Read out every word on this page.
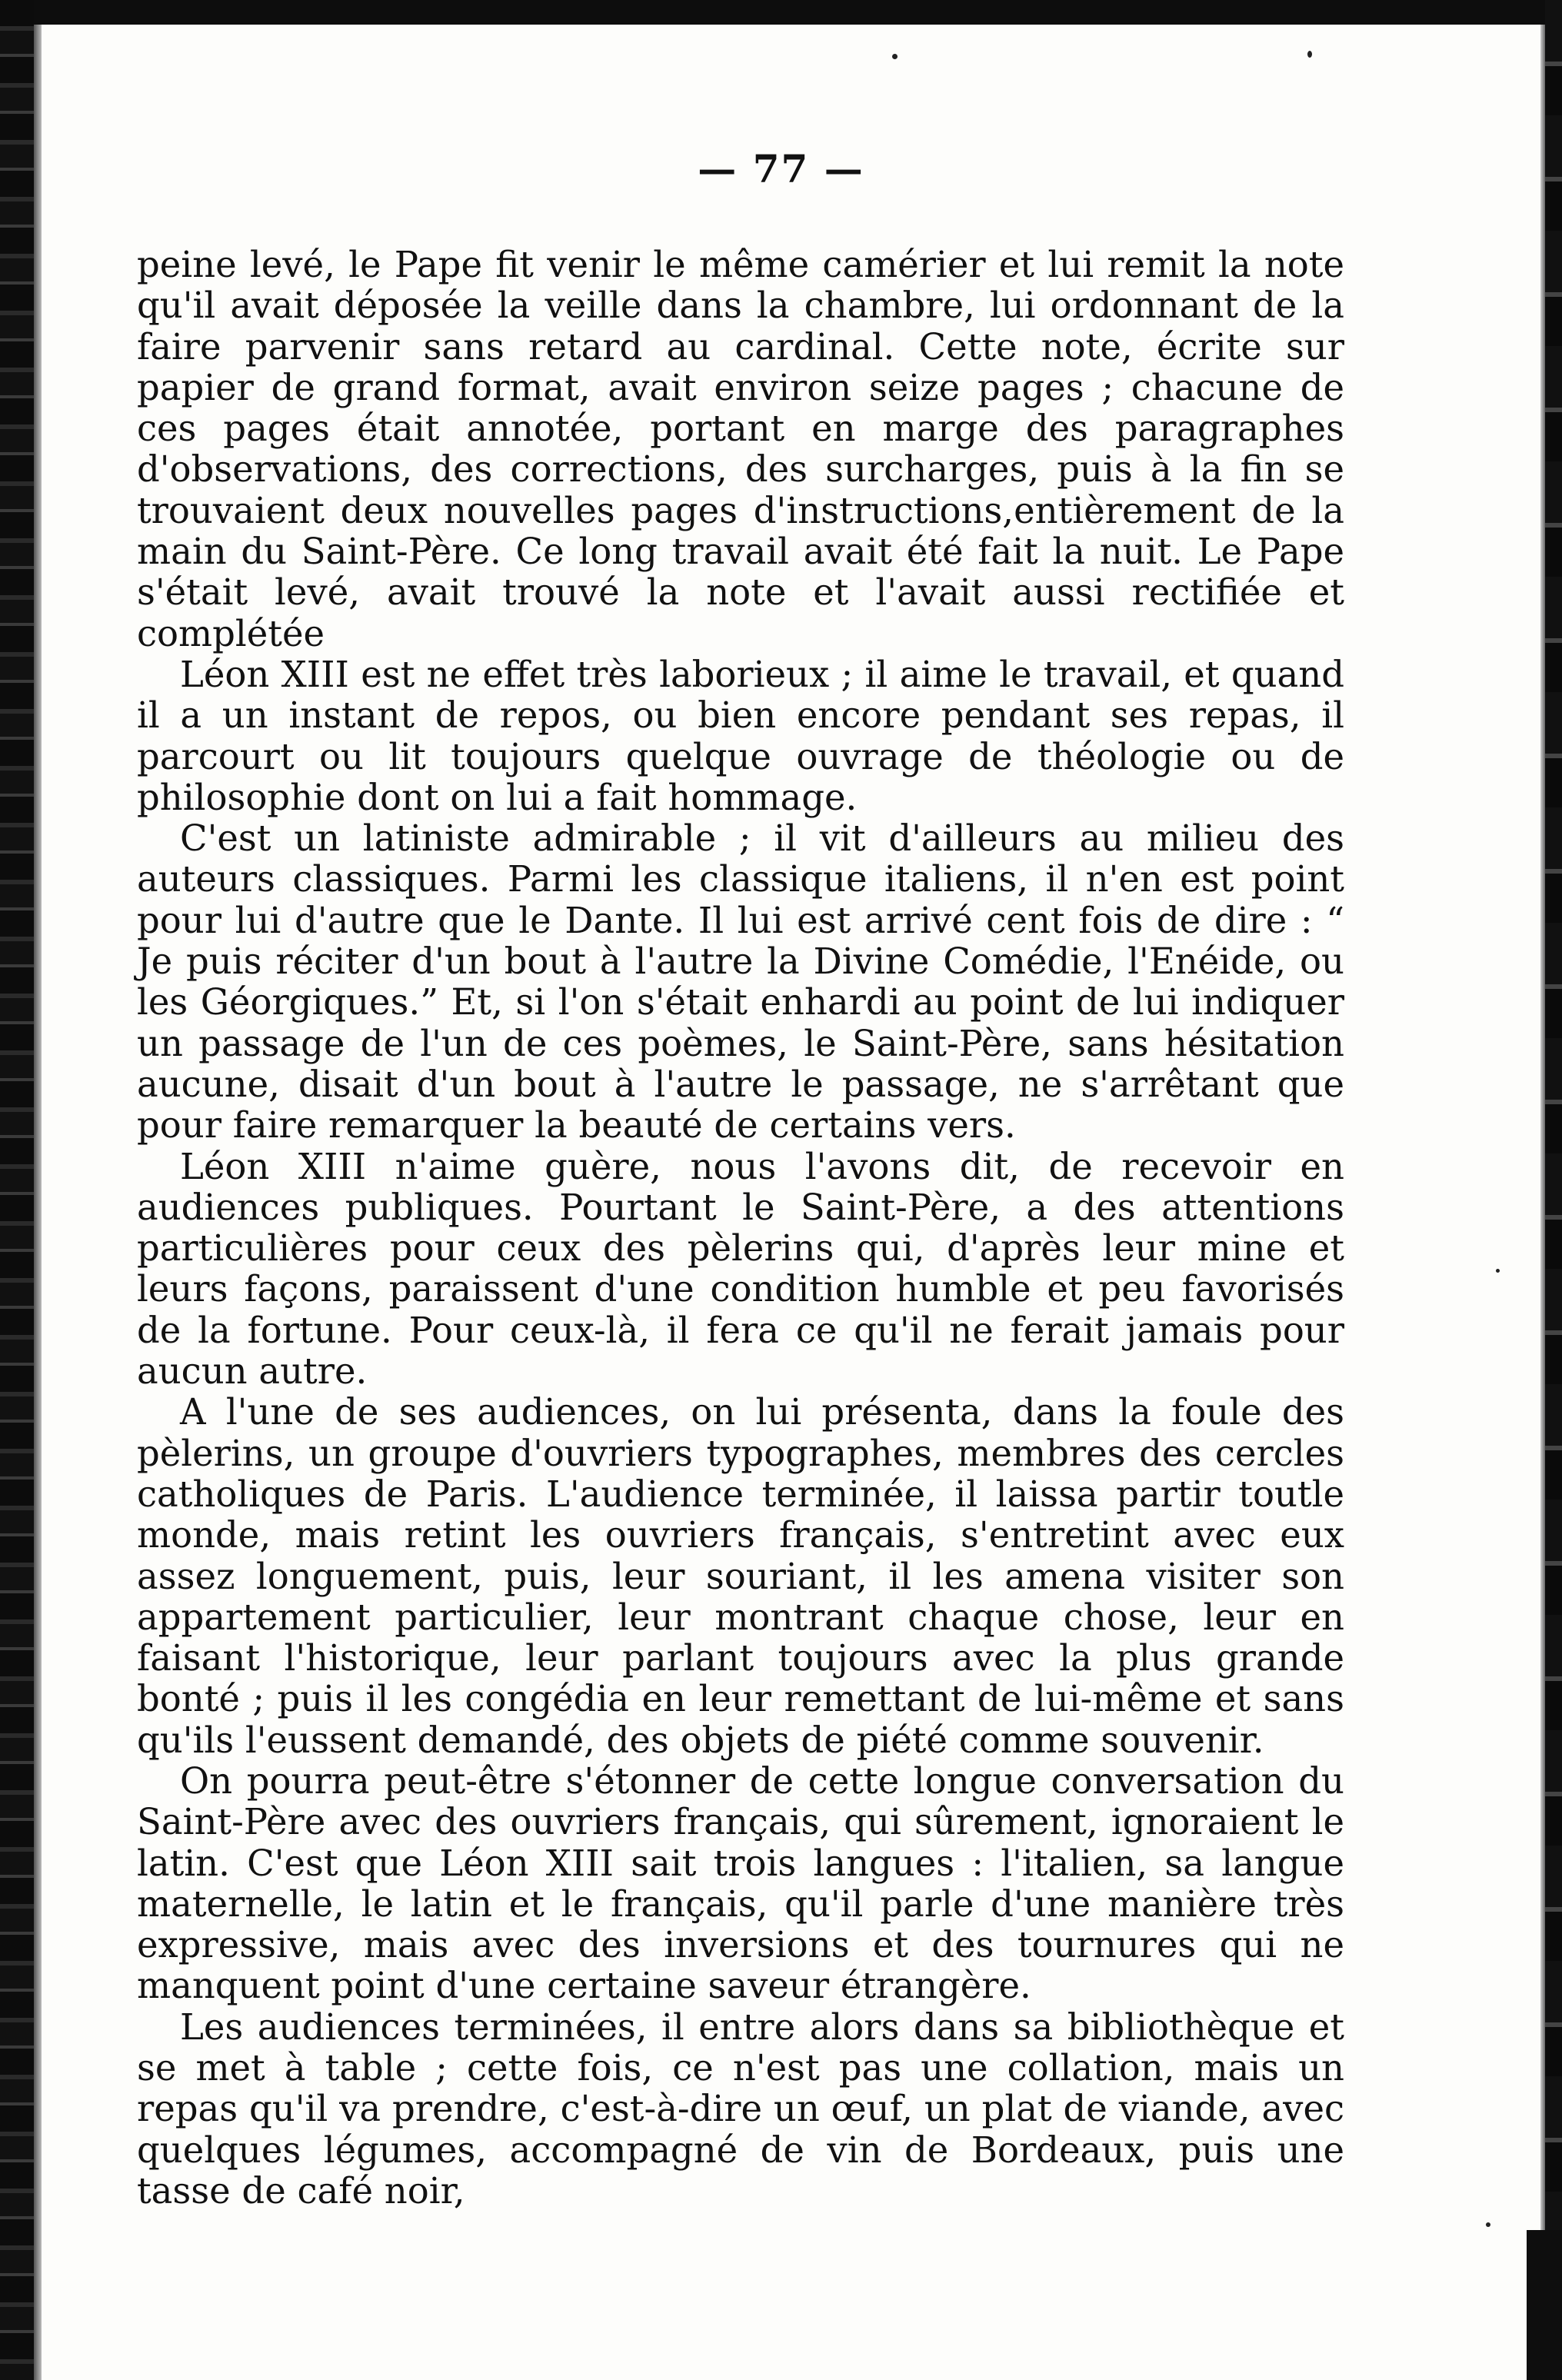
— 77 —

peine levé, le Pape fit venir le même camérier et lui remit la note qu'il avait déposée la veille dans la chambre, lui ordonnant de la faire parvenir sans retard au cardinal. Cette note, écrite sur papier de grand format, avait environ seize pages ; chacune de ces pages était annotée, portant en marge des paragraphes d'observations, des corrections, des surcharges, puis à la fin se trouvaient deux nouvelles pages d'instructions,entièrement de la main du Saint-Père. Ce long travail avait été fait la nuit. Le Pape s'était levé, avait trouvé la note et l'avait aussi rectifiée et complétée

Léon XIII est ne effet très laborieux ; il aime le travail, et quand il a un instant de repos, ou bien encore pendant ses repas, il parcourt ou lit toujours quelque ouvrage de théologie ou de philosophie dont on lui a fait hommage.

C'est un latiniste admirable ; il vit d'ailleurs au milieu des auteurs classiques. Parmi les classique italiens, il n'en est point pour lui d'autre que le Dante. Il lui est arrivé cent fois de dire : “ Je puis réciter d'un bout à l'autre la Divine Comédie, l'Enéide, ou les Géorgiques.” Et, si l'on s'était enhardi au point de lui indiquer un passage de l'un de ces poèmes, le Saint-Père, sans hésitation aucune, disait d'un bout à l'autre le passage, ne s'arrêtant que pour faire remarquer la beauté de certains vers.

Léon XIII n'aime guère, nous l'avons dit, de recevoir en audiences publiques. Pourtant le Saint-Père, a des attentions particulières pour ceux des pèlerins qui, d'après leur mine et leurs façons, paraissent d'une condition humble et peu favorisés de la fortune. Pour ceux-là, il fera ce qu'il ne ferait jamais pour aucun autre.

A l'une de ses audiences, on lui présenta, dans la foule des pèlerins, un groupe d'ouvriers typographes, membres des cercles catholiques de Paris. L'audience terminée, il laissa partir toutle monde, mais retint les ouvriers français, s'entretint avec eux assez longuement, puis, leur souriant, il les amena visiter son appartement particulier, leur montrant chaque chose, leur en faisant l'historique, leur parlant toujours avec la plus grande bonté ; puis il les congédia en leur remettant de lui-même et sans qu'ils l'eussent demandé, des objets de piété comme souvenir.

On pourra peut-être s'étonner de cette longue conversation du Saint-Père avec des ouvriers français, qui sûrement, ignoraient le latin. C'est que Léon XIII sait trois langues : l'italien, sa langue maternelle, le latin et le français, qu'il parle d'une manière très expressive, mais avec des inversions et des tournures qui ne manquent point d'une certaine saveur étrangère.

Les audiences terminées, il entre alors dans sa bibliothèque et se met à table ; cette fois, ce n'est pas une collation, mais un repas qu'il va prendre, c'est-à-dire un œuf, un plat de viande, avec quelques légumes, accompagné de vin de Bordeaux, puis une tasse de café noir,
